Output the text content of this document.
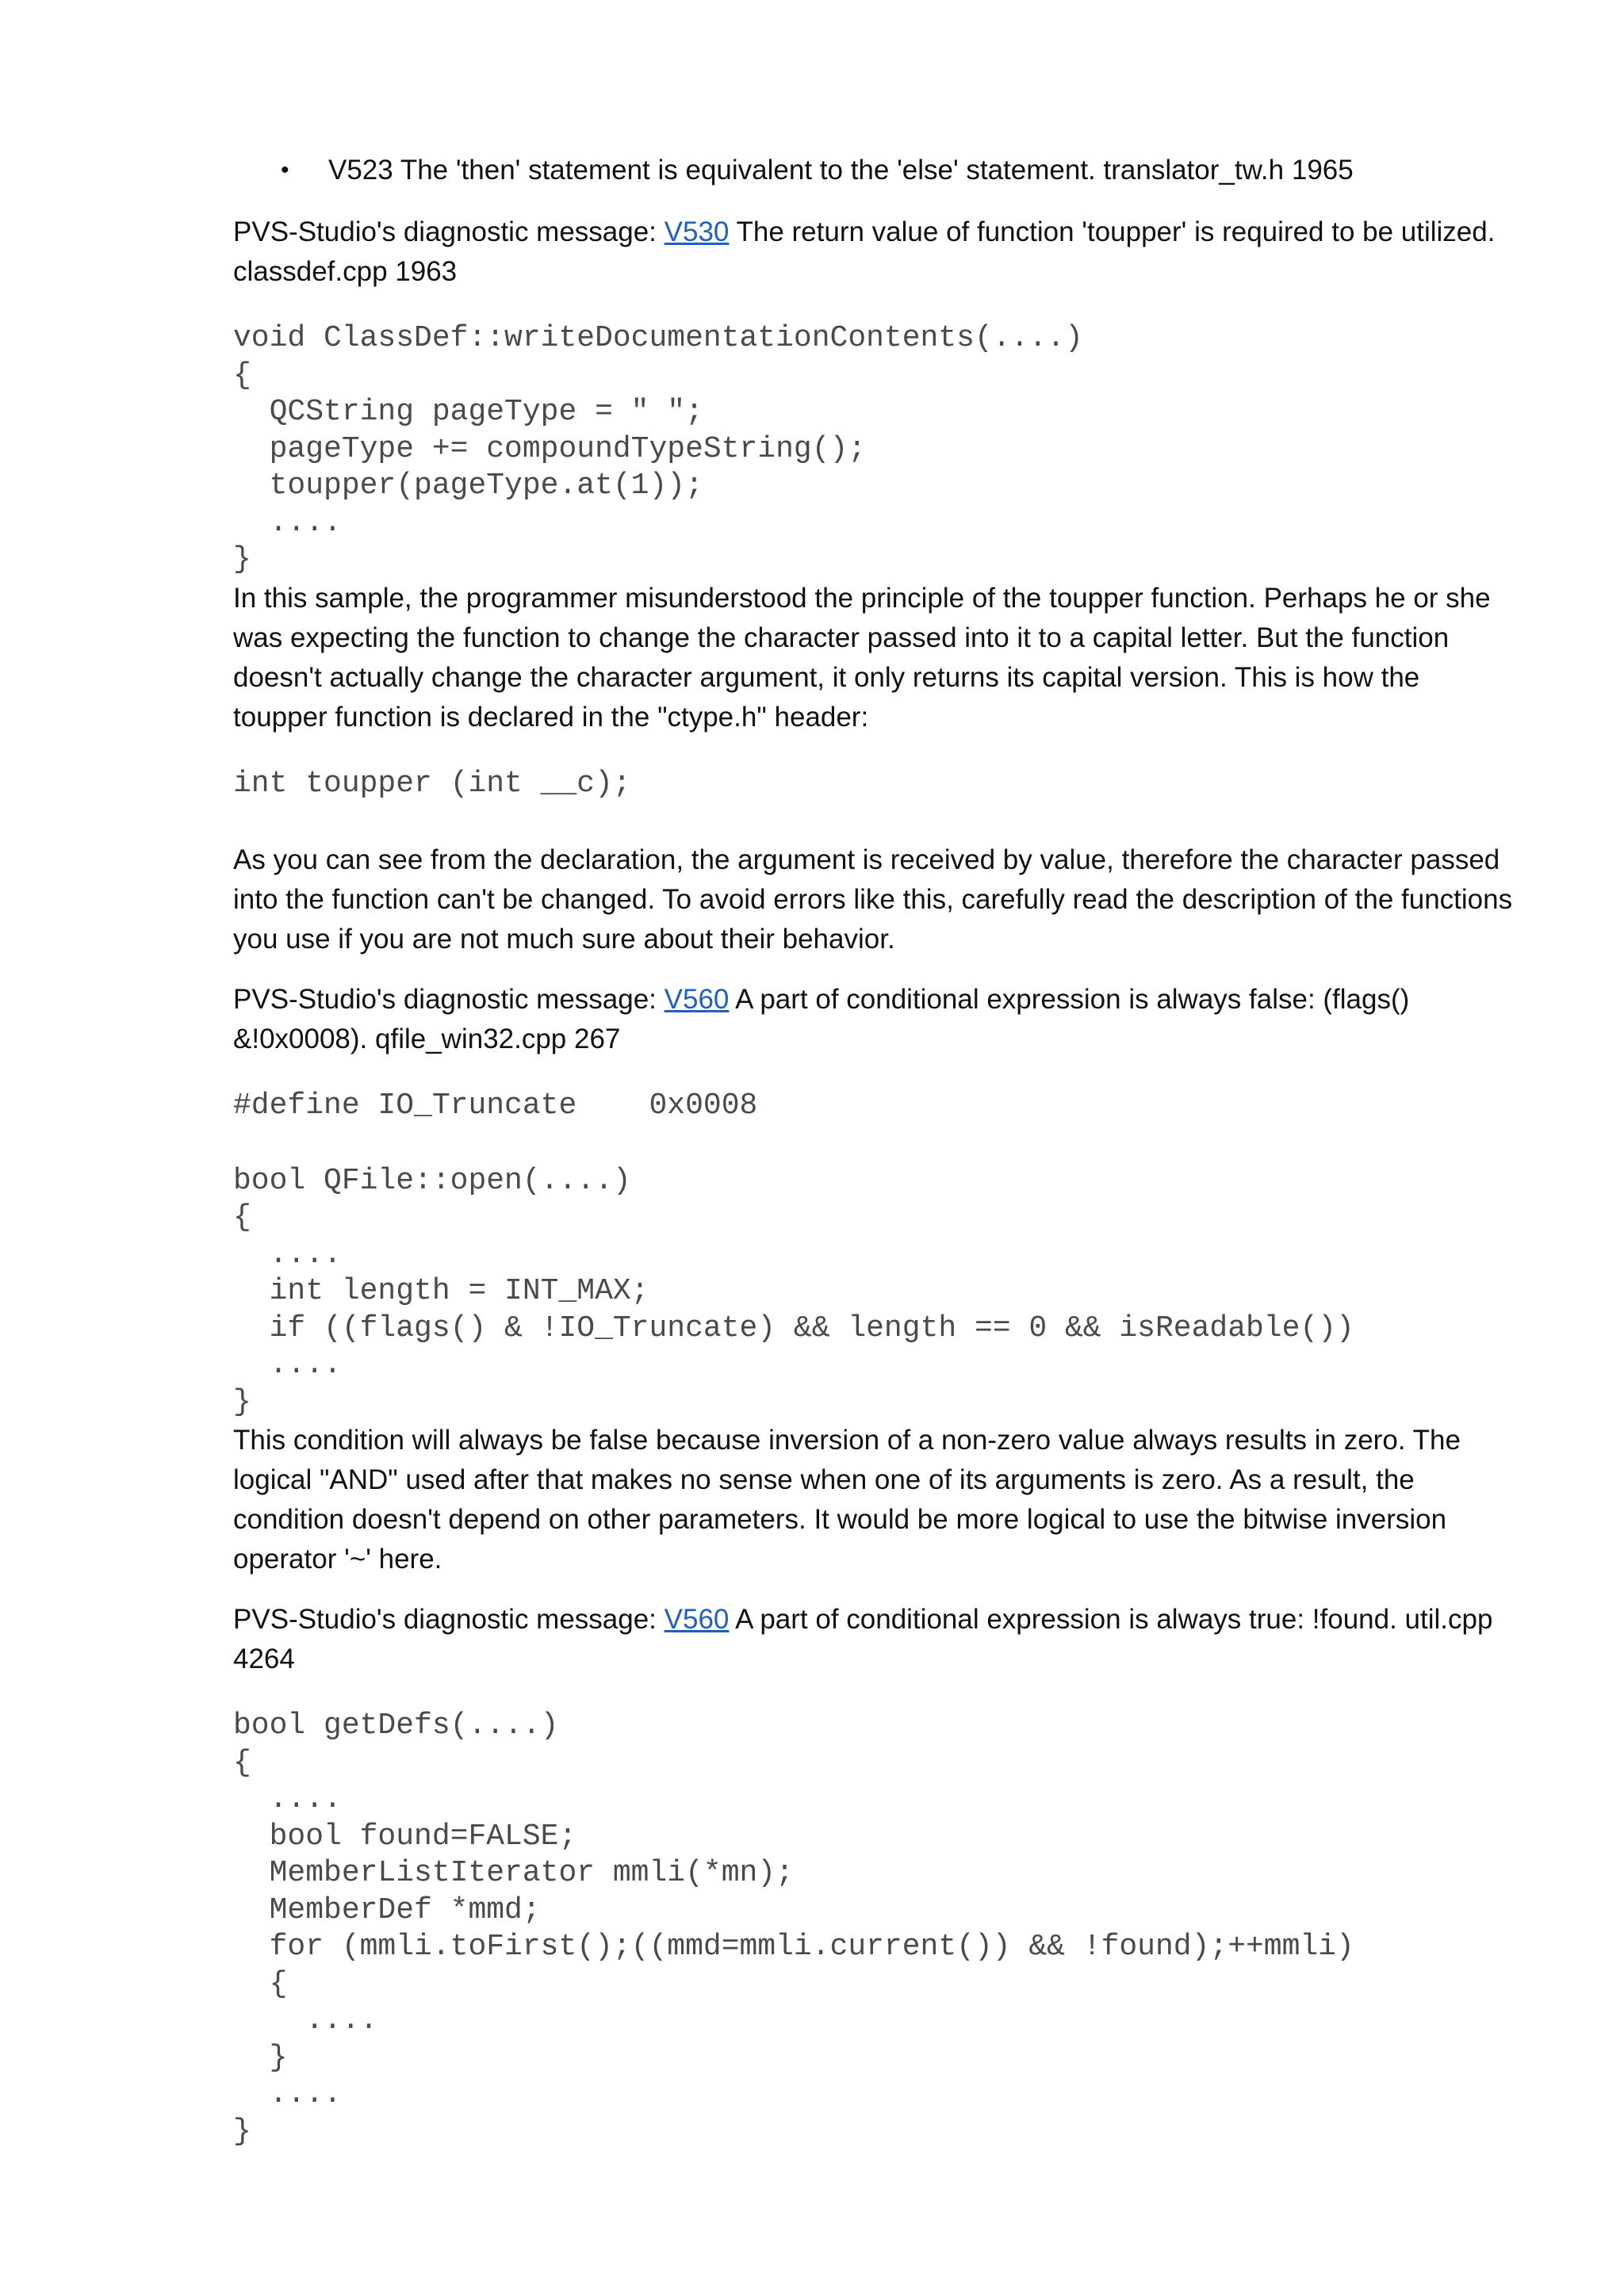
•	V523 The 'then' statement is equivalent to the 'else' statement. translator_tw.h 1965

PVS-Studio's diagnostic message: V530 The return value of function 'toupper' is required to be utilized. classdef.cpp 1963

void ClassDef::writeDocumentationContents(....)
{
QCString pageType = " ";
pageType += compoundTypeString();
toupper(pageType.at(1));
....
}

In this sample, the programmer misunderstood the principle of the toupper function. Perhaps he or she was expecting the function to change the character passed into it to a capital letter. But the function doesn't actually change the character argument, it only returns its capital version. This is how the toupper function is declared in the "ctype.h" header:

int toupper (int __c);

As you can see from the declaration, the argument is received by value, therefore the character passed into the function can't be changed. To avoid errors like this, carefully read the description of the functions you use if you are not much sure about their behavior.

PVS-Studio's diagnostic message: V560 A part of conditional expression is always false: (flags() &!0x0008). qfile_win32.cpp 267

#define IO_Truncate    0x0008
bool QFile::open(....)
{
....
int length = INT_MAX;
if ((flags() & !IO_Truncate) && length == 0 && isReadable())
....
}

This condition will always be false because inversion of a non-zero value always results in zero. The logical "AND" used after that makes no sense when one of its arguments is zero. As a result, the condition doesn't depend on other parameters. It would be more logical to use the bitwise inversion operator '~' here.

PVS-Studio's diagnostic message: V560 A part of conditional expression is always true: !found. util.cpp 4264

bool getDefs(....)
{
....
bool found=FALSE;
MemberListIterator mmli(*mn);
MemberDef *mmd;
for (mmli.toFirst();((mmd=mmli.current()) && !found);++mmli)
{
....
}
....
}
